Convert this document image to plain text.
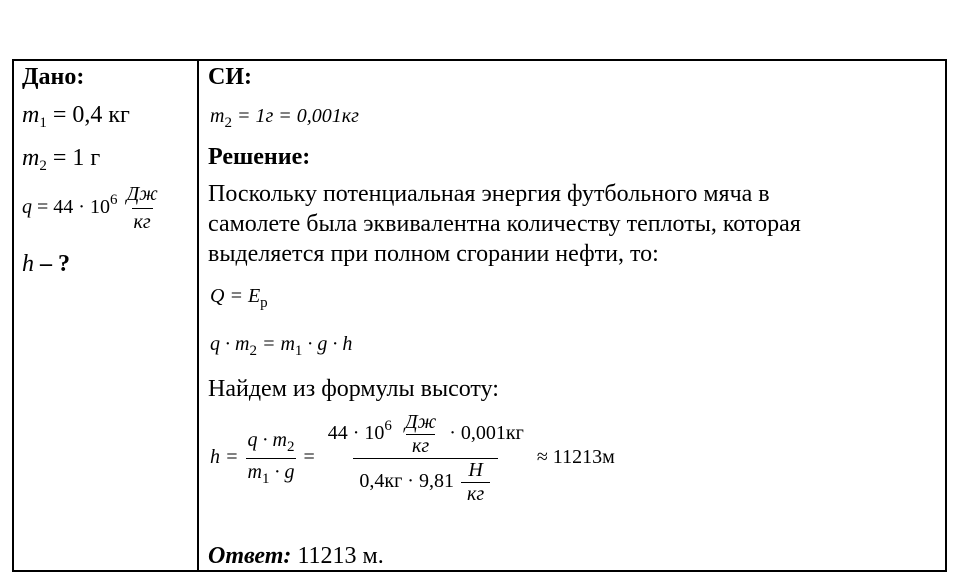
Дано:
$m_1 = 0,4$ кг
$m_2 = 1$ г
$q = 44 \cdot 10^6 \frac{Дж}{кг}$
h – ?
СИ:
$m_2 = 1г = 0,001кг$
Решение:
Поскольку потенциальная энергия футбольного мяча в
самолете была эквивалентна количеству теплоты, которая
выделяется при полном сгорании нефти, то:
$Q = E_p$
$q \cdot m_2 = m_1 \cdot g \cdot h$
Найдем из формулы высоту:
$h = \frac{q \cdot m_2}{m_1 \cdot g} = \frac{44 \cdot 10^6 \frac{Дж}{кг} \cdot 0,001кг}{0,4кг \cdot 9,81 \frac{Н}{кг}} \approx 11213м$
Ответ: 11213 м.
